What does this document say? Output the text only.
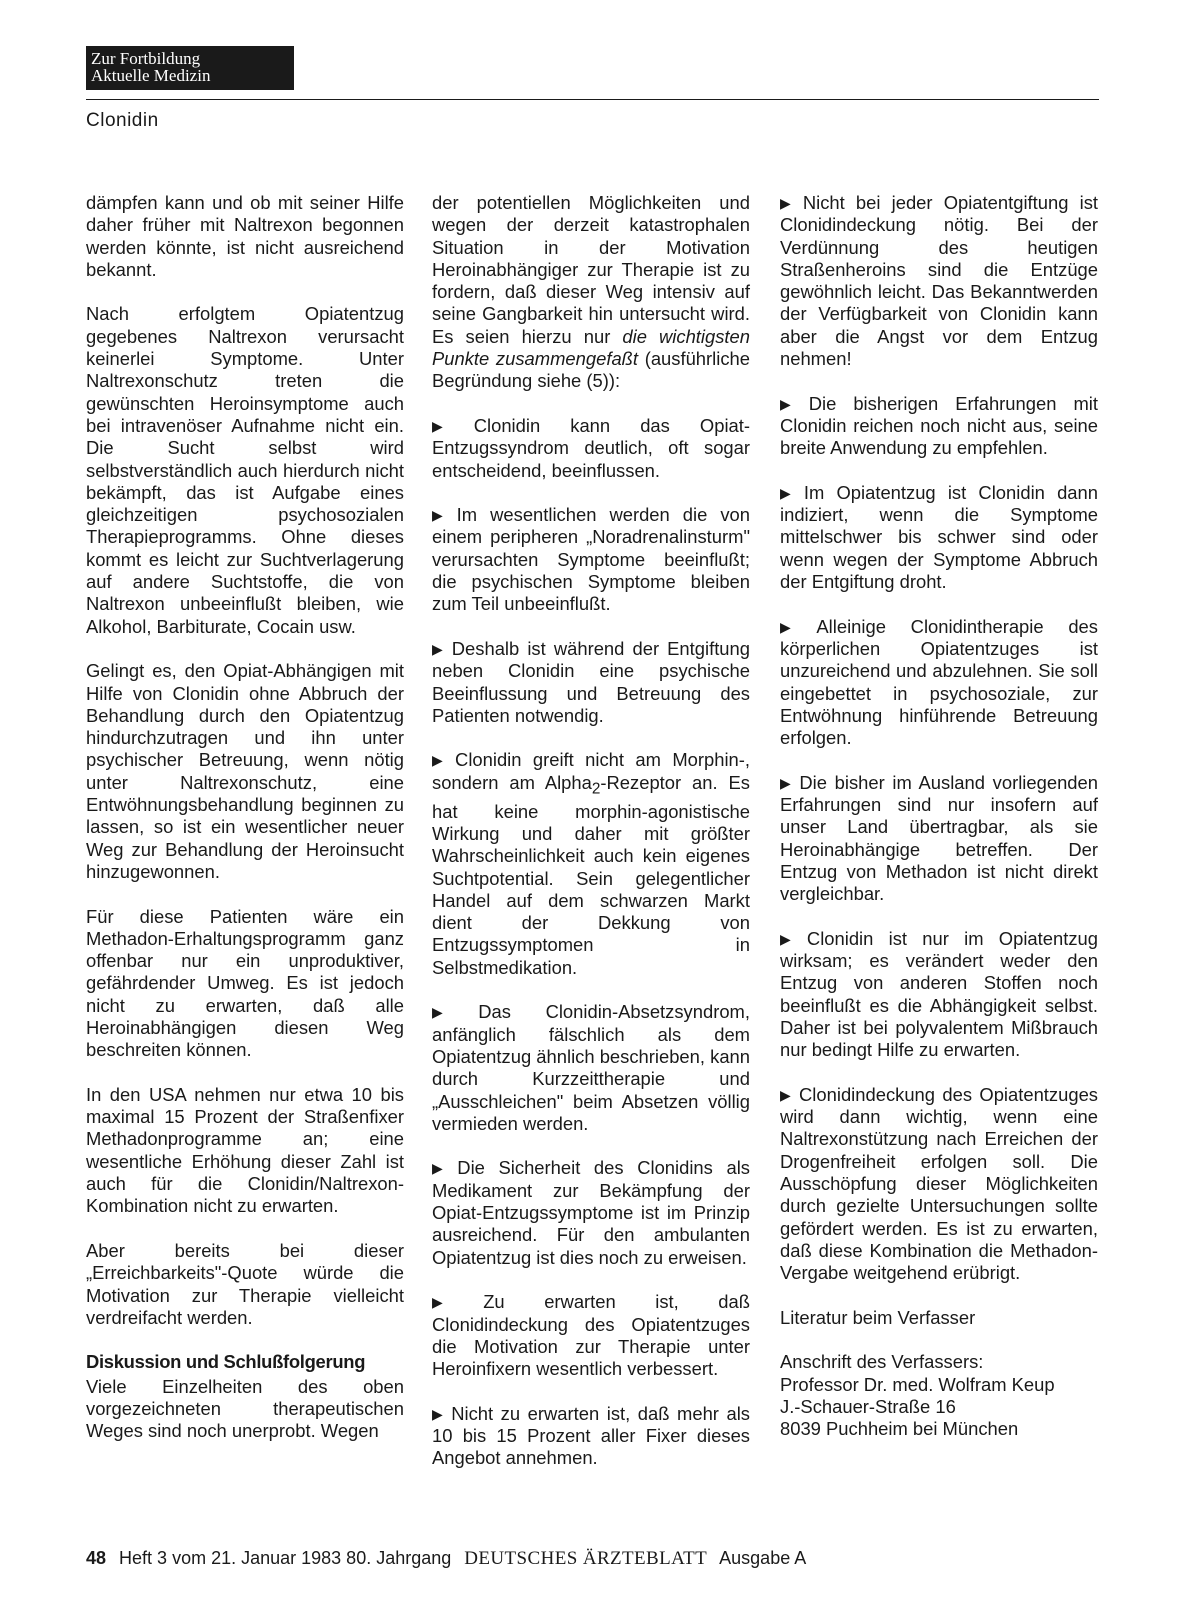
Zur Fortbildung
Aktuelle Medizin
Clonidin

dämpfen kann und ob mit seiner Hilfe daher früher mit Naltrexon begonnen werden könnte, ist nicht ausreichend bekannt.

Nach erfolgtem Opiatentzug gegebenes Naltrexon verursacht keinerlei Symptome. Unter Naltrexonschutz treten die gewünschten Heroinsymptome auch bei intravenöser Aufnahme nicht ein. Die Sucht selbst wird selbstverständlich auch hierdurch nicht bekämpft, das ist Aufgabe eines gleichzeitigen psychosozialen Therapieprogramms. Ohne dieses kommt es leicht zur Suchtverlagerung auf andere Suchtstoffe, die von Naltrexon unbeeinflußt bleiben, wie Alkohol, Barbiturate, Cocain usw.

Gelingt es, den Opiat-Abhängigen mit Hilfe von Clonidin ohne Abbruch der Behandlung durch den Opiatentzug hindurchzutragen und ihn unter psychischer Betreuung, wenn nötig unter Naltrexonschutz, eine Entwöhnungsbehandlung beginnen zu lassen, so ist ein wesentlicher neuer Weg zur Behandlung der Heroinsucht hinzugewonnen.

Für diese Patienten wäre ein Methadon-Erhaltungsprogramm ganz offenbar nur ein unproduktiver, gefährdender Umweg. Es ist jedoch nicht zu erwarten, daß alle Heroinabhängigen diesen Weg beschreiten können.

In den USA nehmen nur etwa 10 bis maximal 15 Prozent der Straßenfixer Methadonprogramme an; eine wesentliche Erhöhung dieser Zahl ist auch für die Clonidin/Naltrexon-Kombination nicht zu erwarten.

Aber bereits bei dieser „Erreichbarkeits"-Quote würde die Motivation zur Therapie vielleicht verdreifacht werden.

Diskussion und Schlußfolgerung

Viele Einzelheiten des oben vorgezeichneten therapeutischen Weges sind noch unerprobt. Wegen

der potentiellen Möglichkeiten und wegen der derzeit katastrophalen Situation in der Motivation Heroinabhängiger zur Therapie ist zu fordern, daß dieser Weg intensiv auf seine Gangbarkeit hin untersucht wird. Es seien hierzu nur die wichtigsten Punkte zusammengefaßt (ausführliche Begründung siehe (5)):

▶ Clonidin kann das Opiat-Entzugssyndrom deutlich, oft sogar entscheidend, beeinflussen.

▶ Im wesentlichen werden die von einem peripheren „Noradrenalinsturm" verursachten Symptome beeinflußt; die psychischen Symptome bleiben zum Teil unbeeinflußt.

▶ Deshalb ist während der Entgiftung neben Clonidin eine psychische Beeinflussung und Betreuung des Patienten notwendig.

▶ Clonidin greift nicht am Morphin-, sondern am Alpha$_2$-Rezeptor an. Es hat keine morphin-agonistische Wirkung und daher mit größter Wahrscheinlichkeit auch kein eigenes Suchtpotential. Sein gelegentlicher Handel auf dem schwarzen Markt dient der Dekkung von Entzugssymptomen in Selbstmedikation.

▶ Das Clonidin-Absetzsyndrom, anfänglich fälschlich als dem Opiatentzug ähnlich beschrieben, kann durch Kurzzeittherapie und „Ausschleichen" beim Absetzen völlig vermieden werden.

▶ Die Sicherheit des Clonidins als Medikament zur Bekämpfung der Opiat-Entzugssymptome ist im Prinzip ausreichend. Für den ambulanten Opiatentzug ist dies noch zu erweisen.

▶ Zu erwarten ist, daß Clonidindeckung des Opiatentzuges die Motivation zur Therapie unter Heroinfixern wesentlich verbessert.

▶ Nicht zu erwarten ist, daß mehr als 10 bis 15 Prozent aller Fixer dieses Angebot annehmen.

▶ Nicht bei jeder Opiatentgiftung ist Clonidindeckung nötig. Bei der Verdünnung des heutigen Straßenheroins sind die Entzüge gewöhnlich leicht. Das Bekanntwerden der Verfügbarkeit von Clonidin kann aber die Angst vor dem Entzug nehmen!

▶ Die bisherigen Erfahrungen mit Clonidin reichen noch nicht aus, seine breite Anwendung zu empfehlen.

▶ Im Opiatentzug ist Clonidin dann indiziert, wenn die Symptome mittelschwer bis schwer sind oder wenn wegen der Symptome Abbruch der Entgiftung droht.

▶ Alleinige Clonidintherapie des körperlichen Opiatentzuges ist unzureichend und abzulehnen. Sie soll eingebettet in psychosoziale, zur Entwöhnung hinführende Betreuung erfolgen.

▶ Die bisher im Ausland vorliegenden Erfahrungen sind nur insofern auf unser Land übertragbar, als sie Heroinabhängige betreffen. Der Entzug von Methadon ist nicht direkt vergleichbar.

▶ Clonidin ist nur im Opiatentzug wirksam; es verändert weder den Entzug von anderen Stoffen noch beeinflußt es die Abhängigkeit selbst. Daher ist bei polyvalentem Mißbrauch nur bedingt Hilfe zu erwarten.

▶ Clonidindeckung des Opiatentzuges wird dann wichtig, wenn eine Naltrexonstützung nach Erreichen der Drogenfreiheit erfolgen soll. Die Ausschöpfung dieser Möglichkeiten durch gezielte Untersuchungen sollte gefördert werden. Es ist zu erwarten, daß diese Kombination die Methadon-Vergabe weitgehend erübrigt.

Literatur beim Verfasser

Anschrift des Verfassers:
Professor Dr. med. Wolfram Keup
J.-Schauer-Straße 16
8039 Puchheim bei München
48 Heft 3 vom 21. Januar 1983 80. Jahrgang DEUTSCHES ÄRZTEBLATT Ausgabe A
